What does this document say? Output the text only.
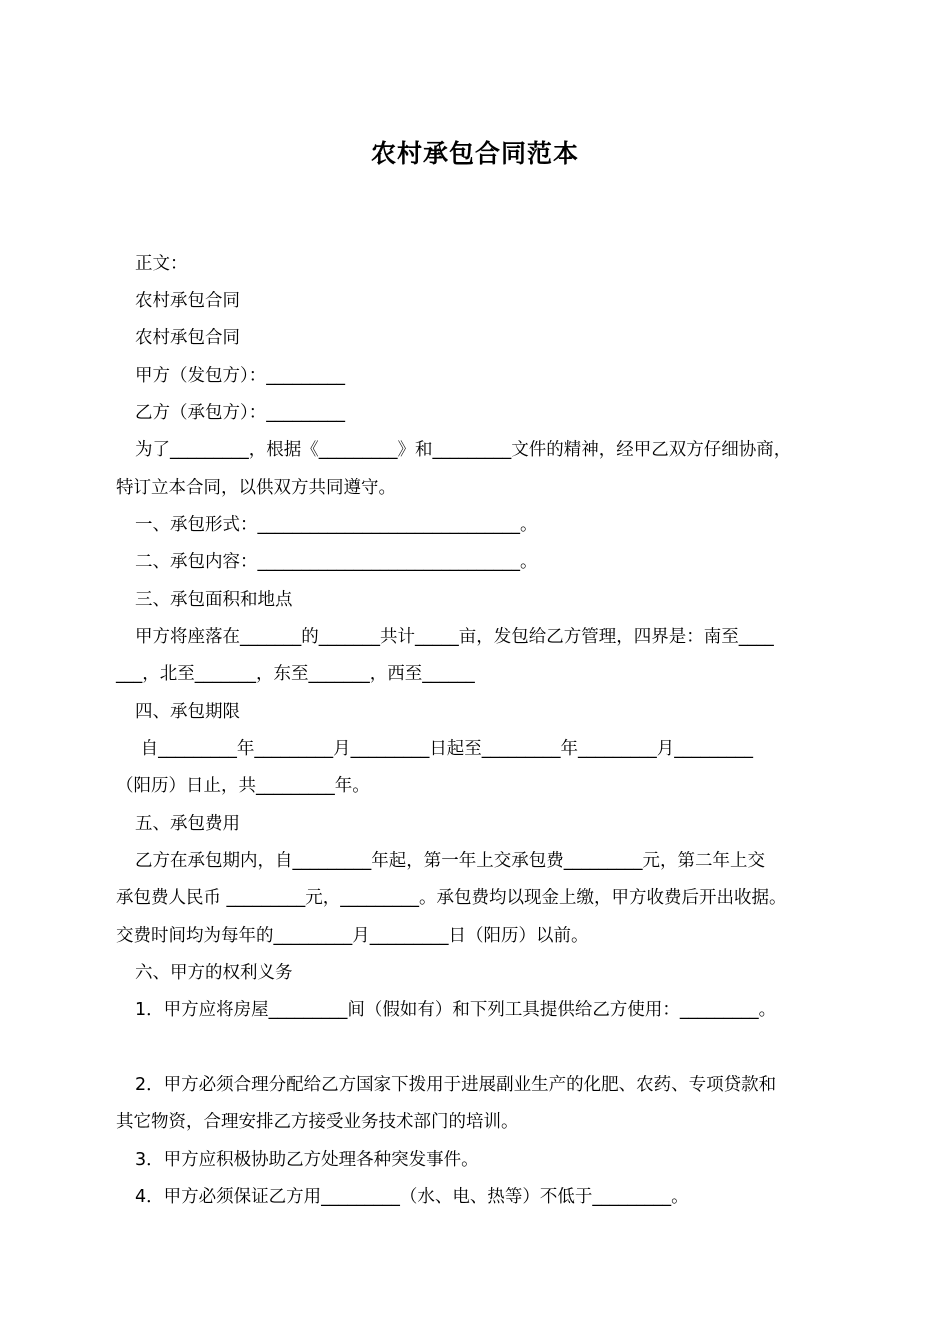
农村承包合同范本
正文：
农村承包合同
农村承包合同
甲方（发包方）：_________
乙方（承包方）：_________
为了_________，根据《_________》和_________文件的精神，经甲乙双方仔细协商，
特订立本合同，以供双方共同遵守。
一、承包形式：______________________________。
二、承包内容：______________________________。
三、承包面积和地点
甲方将座落在_______的_______共计_____亩，发包给乙方管理，四界是：南至____
___，北至_______，东至_______，西至______
四、承包期限
自_________年_________月_________日起至_________年_________月_________
（阳历）日止，共_________年。
五、承包费用
乙方在承包期内，自_________年起，第一年上交承包费_________元，第二年上交
承包费人民币 _________元，_________。承包费均以现金上缴，甲方收费后开出收据。
交费时间均为每年的_________月_________日（阳历）以前。
六、甲方的权利义务
1．甲方应将房屋_________间（假如有）和下列工具提供给乙方使用：_________。
2．甲方必须合理分配给乙方国家下拨用于进展副业生产的化肥、农药、专项贷款和
其它物资，合理安排乙方接受业务技术部门的培训。
3．甲方应积极协助乙方处理各种突发事件。
4．甲方必须保证乙方用_________（水、电、热等）不低于_________。
